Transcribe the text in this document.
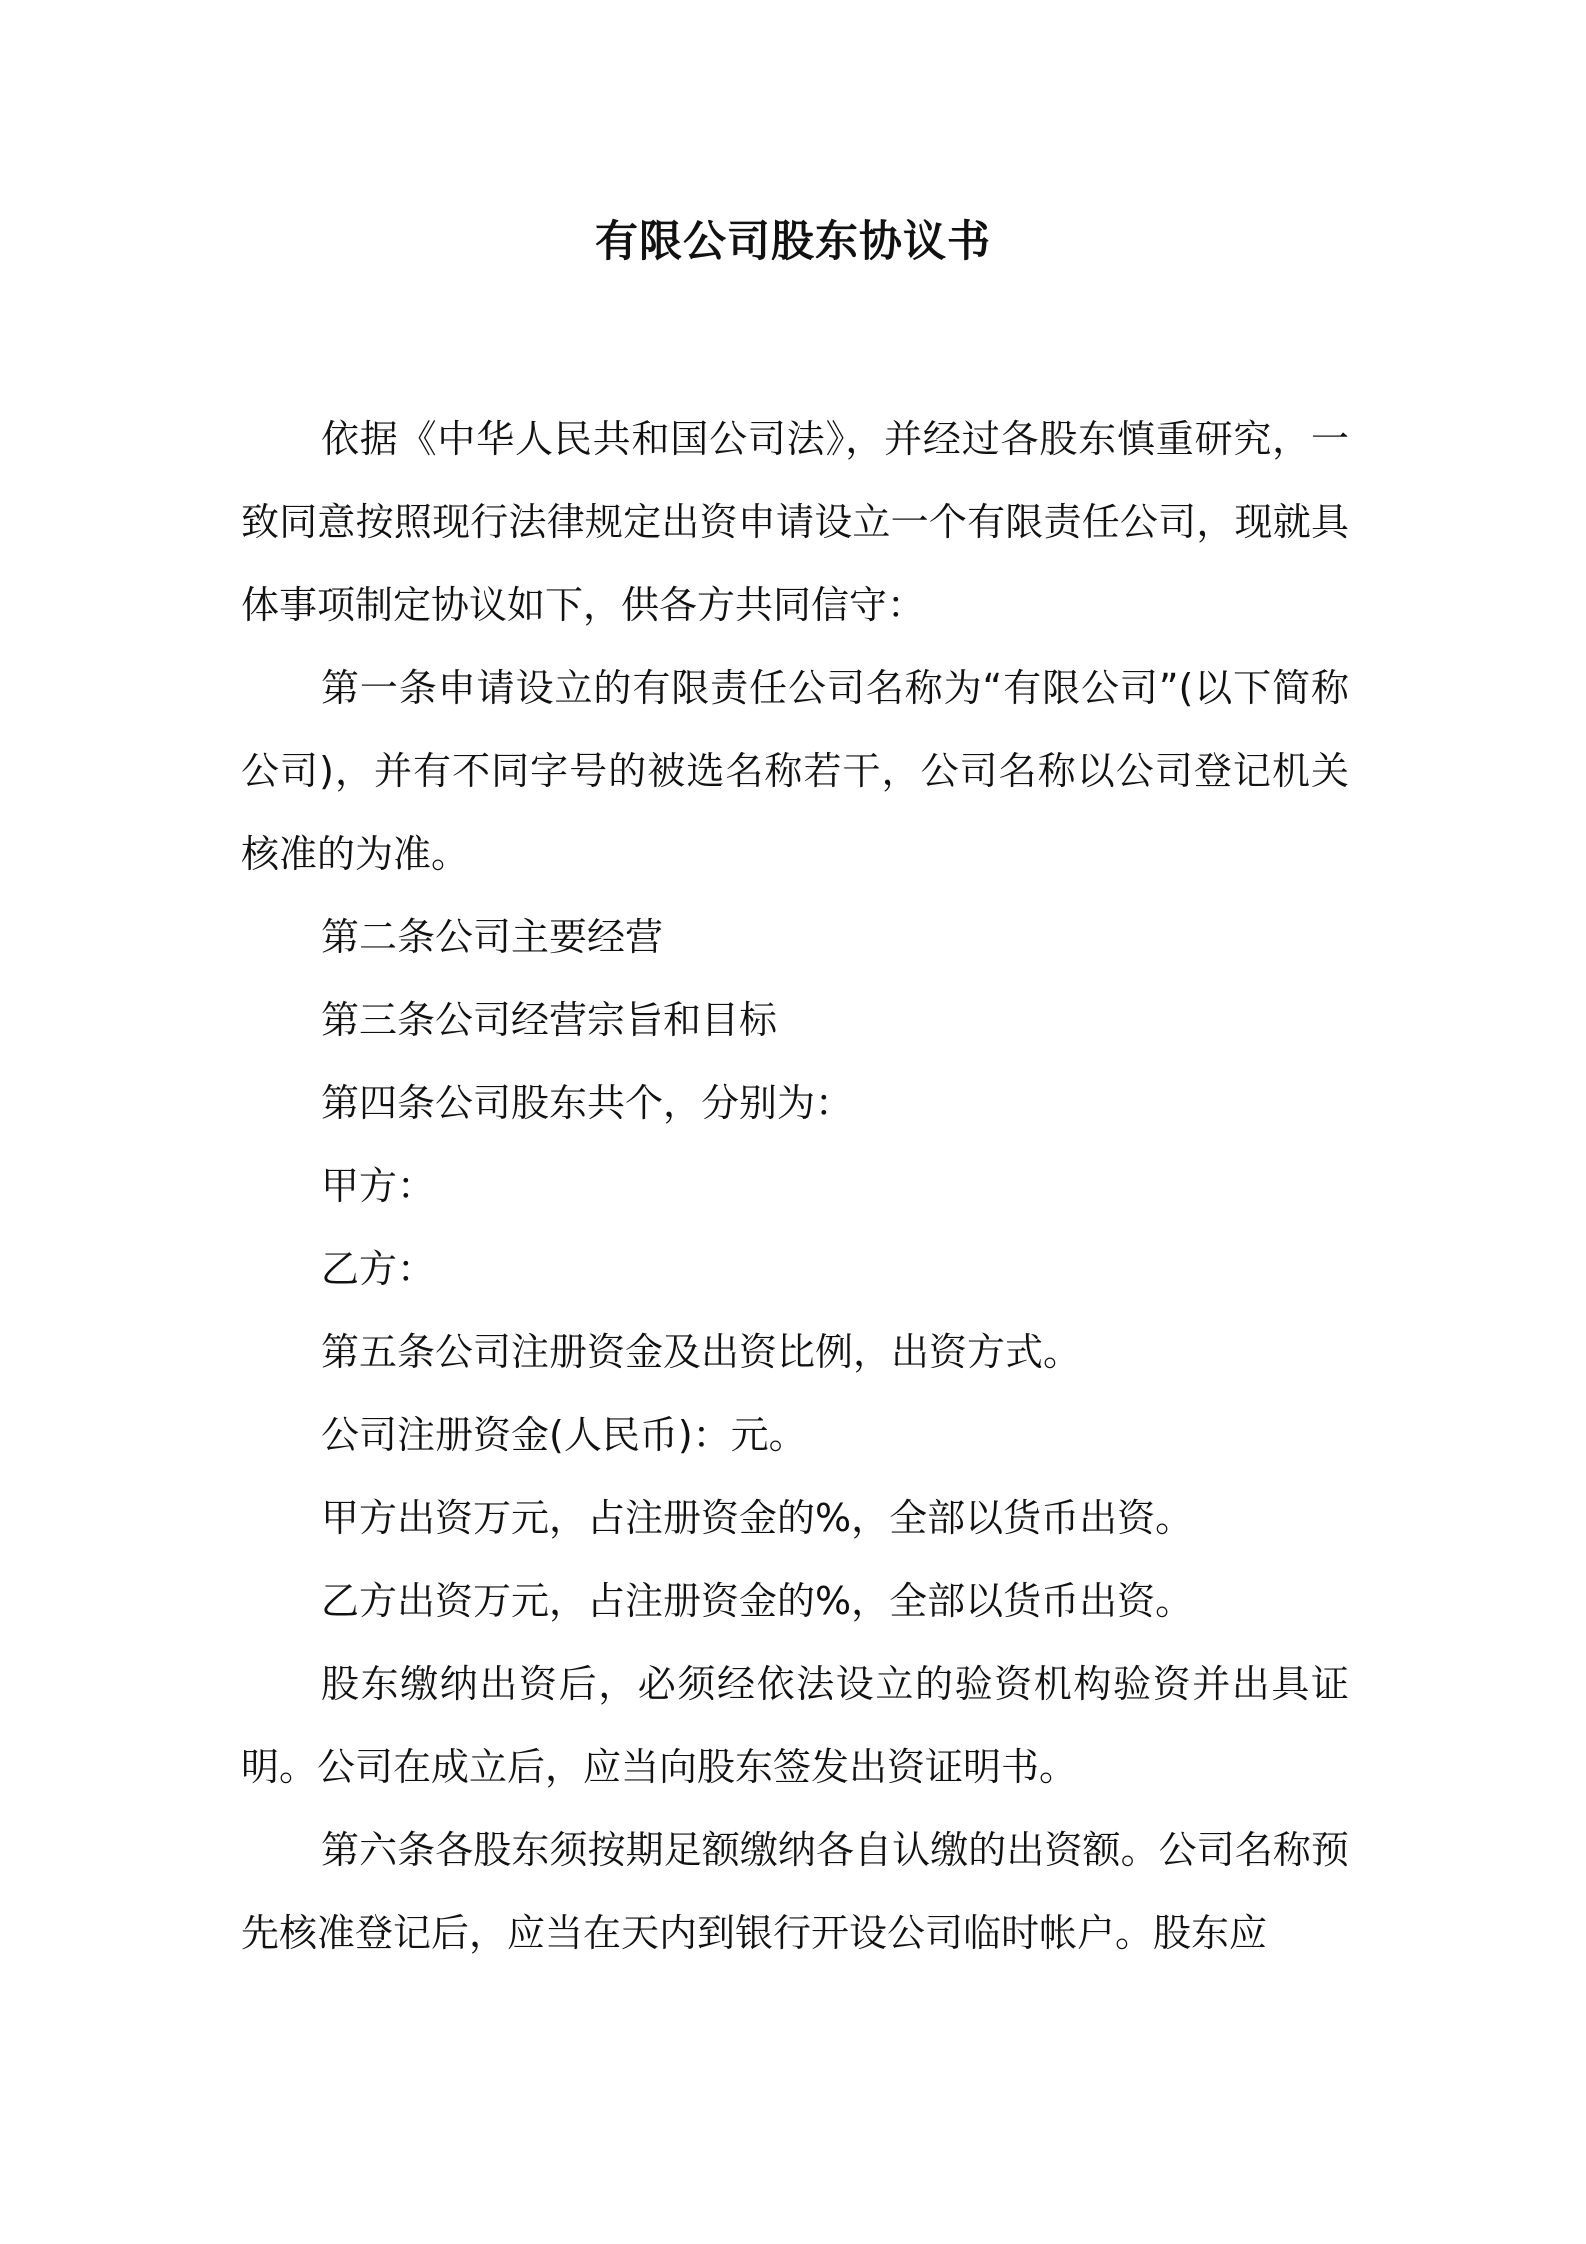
有限公司股东协议书

依据《中华人民共和国公司法》，并经过各股东慎重研究，一致同意按照现行法律规定出资申请设立一个有限责任公司，现就具体事项制定协议如下，供各方共同信守：

第一条申请设立的有限责任公司名称为“有限公司”(以下简称公司)，并有不同字号的被选名称若干，公司名称以公司登记机关核准的为准。

第二条公司主要经营

第三条公司经营宗旨和目标

第四条公司股东共个，分别为：

甲方：

乙方：

第五条公司注册资金及出资比例，出资方式。

公司注册资金(人民币)：元。

甲方出资万元，占注册资金的%，全部以货币出资。

乙方出资万元，占注册资金的%，全部以货币出资。

股东缴纳出资后，必须经依法设立的验资机构验资并出具证明。公司在成立后，应当向股东签发出资证明书。

第六条各股东须按期足额缴纳各自认缴的出资额。公司名称预先核准登记后，应当在天内到银行开设公司临时帐户。股东应
